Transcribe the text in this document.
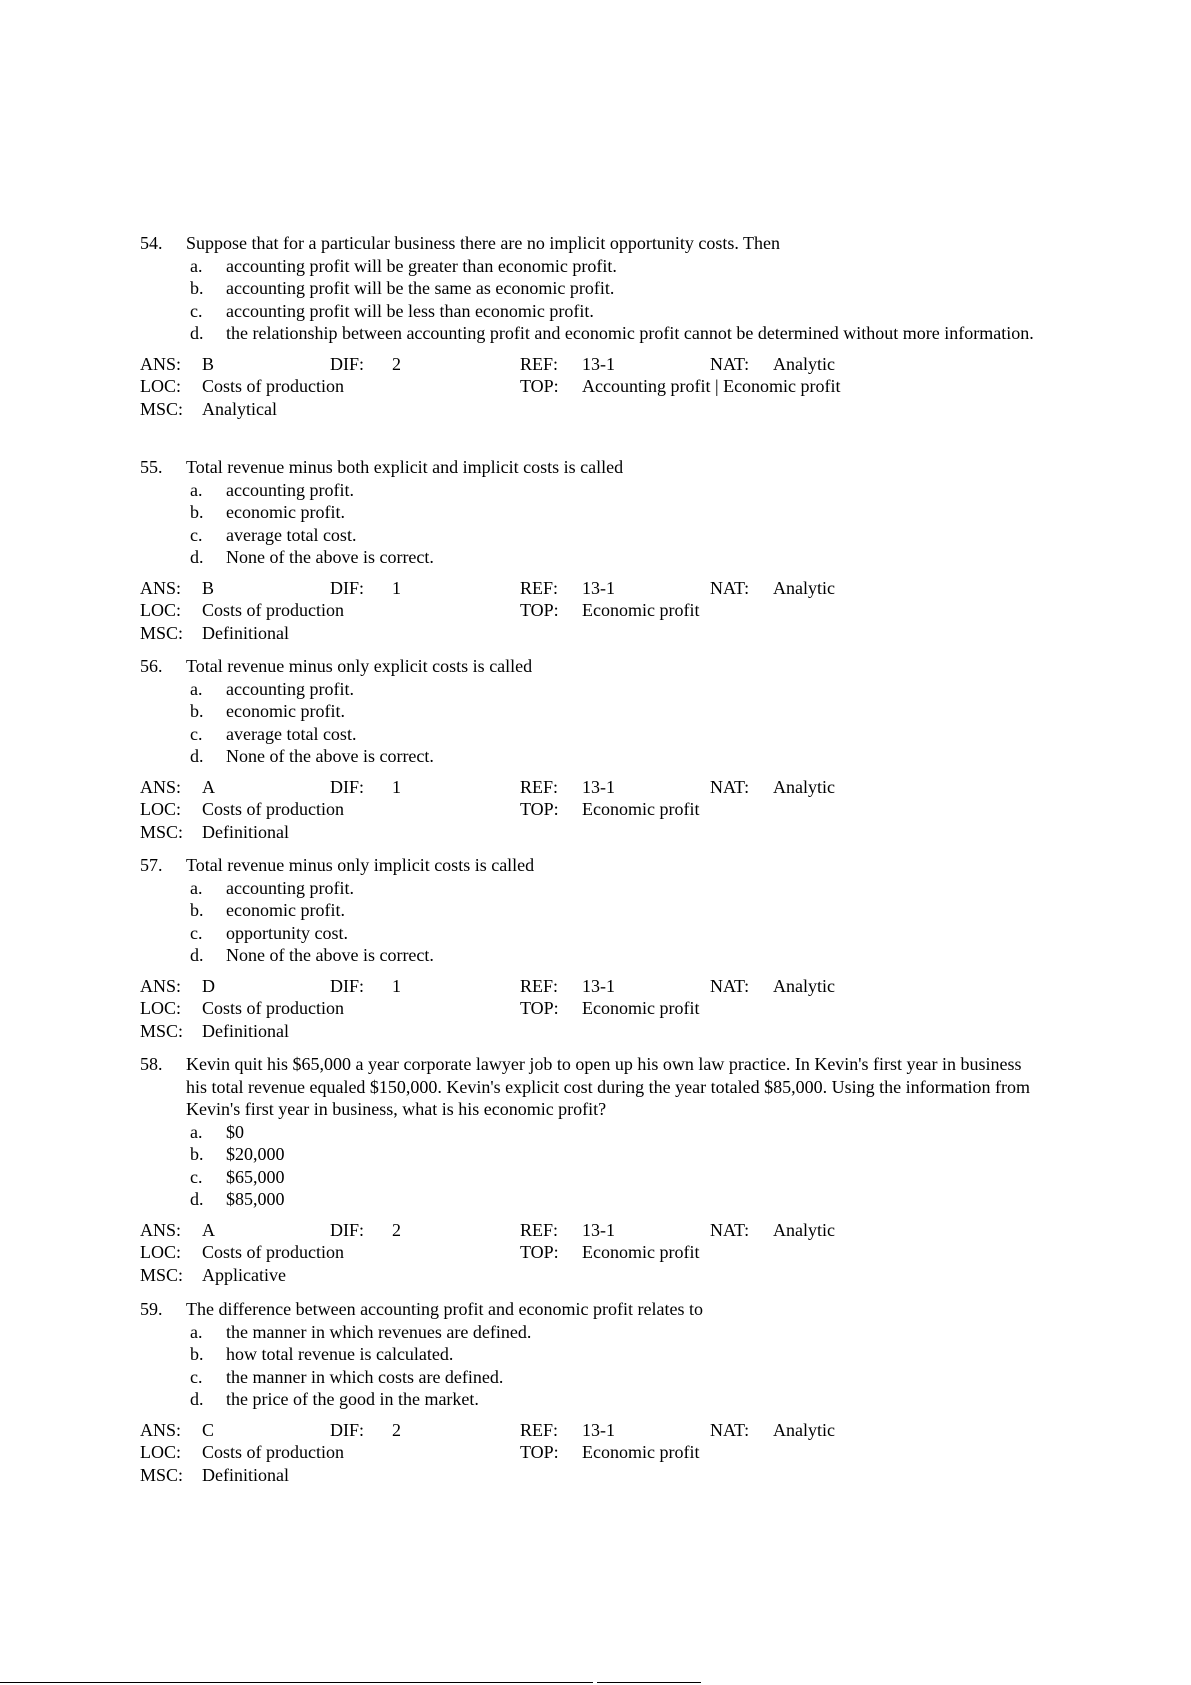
54. Suppose that for a particular business there are no implicit opportunity costs. Then
a. accounting profit will be greater than economic profit.
b. accounting profit will be the same as economic profit.
c. accounting profit will be less than economic profit.
d. the relationship between accounting profit and economic profit cannot be determined without more information.
ANS: B	DIF: 2	REF: 13-1	NAT: Analytic
LOC: Costs of production	TOP: Accounting profit | Economic profit
MSC: Analytical
55. Total revenue minus both explicit and implicit costs is called
a. accounting profit.
b. economic profit.
c. average total cost.
d. None of the above is correct.
ANS: B	DIF: 1	REF: 13-1	NAT: Analytic
LOC: Costs of production	TOP: Economic profit
MSC: Definitional
56. Total revenue minus only explicit costs is called
a. accounting profit.
b. economic profit.
c. average total cost.
d. None of the above is correct.
ANS: A	DIF: 1	REF: 13-1	NAT: Analytic
LOC: Costs of production	TOP: Economic profit
MSC: Definitional
57. Total revenue minus only implicit costs is called
a. accounting profit.
b. economic profit.
c. opportunity cost.
d. None of the above is correct.
ANS: D	DIF: 1	REF: 13-1	NAT: Analytic
LOC: Costs of production	TOP: Economic profit
MSC: Definitional
58. Kevin quit his $65,000 a year corporate lawyer job to open up his own law practice. In Kevin's first year in business his total revenue equaled $150,000. Kevin's explicit cost during the year totaled $85,000. Using the information from Kevin's first year in business, what is his economic profit?
a. $0
b. $20,000
c. $65,000
d. $85,000
ANS: A	DIF: 2	REF: 13-1	NAT: Analytic
LOC: Costs of production	TOP: Economic profit
MSC: Applicative
59. The difference between accounting profit and economic profit relates to
a. the manner in which revenues are defined.
b. how total revenue is calculated.
c. the manner in which costs are defined.
d. the price of the good in the market.
ANS: C	DIF: 2	REF: 13-1	NAT: Analytic
LOC: Costs of production	TOP: Economic profit
MSC: Definitional
